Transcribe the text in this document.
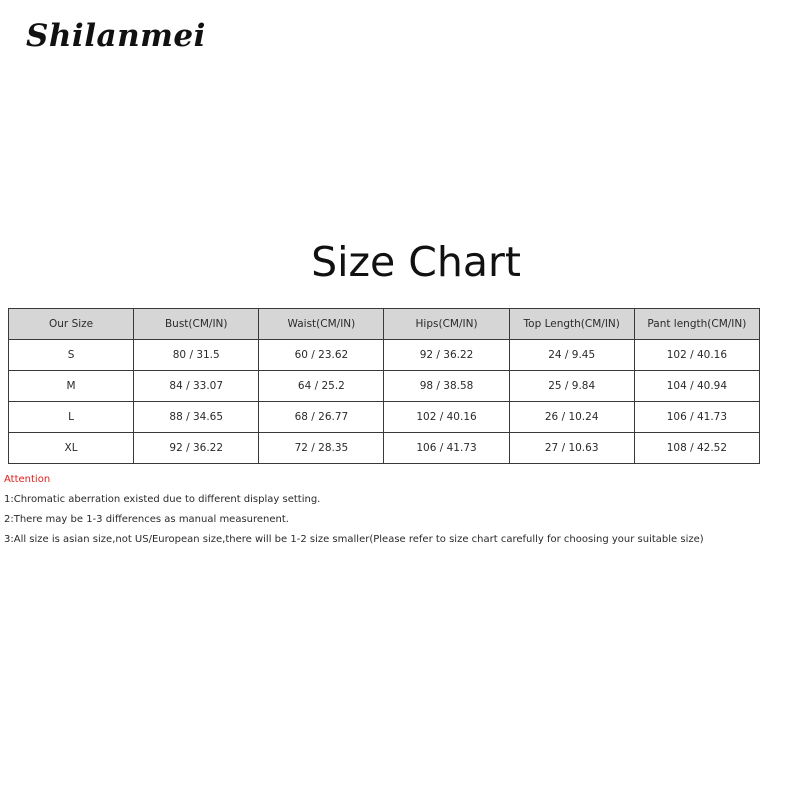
Shilanmei
Size Chart
Our Size	Bust(CM/IN)	Waist(CM/IN)	Hips(CM/IN)	Top Length(CM/IN)	Pant length(CM/IN)
S	80 / 31.5	60 / 23.62	92 / 36.22	24 / 9.45	102 / 40.16
M	84 / 33.07	64 / 25.2	98 / 38.58	25 / 9.84	104 / 40.94
L	88 / 34.65	68 / 26.77	102 / 40.16	26 / 10.24	106 / 41.73
XL	92 / 36.22	72 / 28.35	106 / 41.73	27 / 10.63	108 / 42.52
Attention
1:Chromatic aberration existed due to different display setting.
2:There may be 1-3 differences as manual measurenent.
3:All size is asian size,not US/European size,there will be 1-2 size smaller(Please refer to size chart carefully for choosing your suitable size)
